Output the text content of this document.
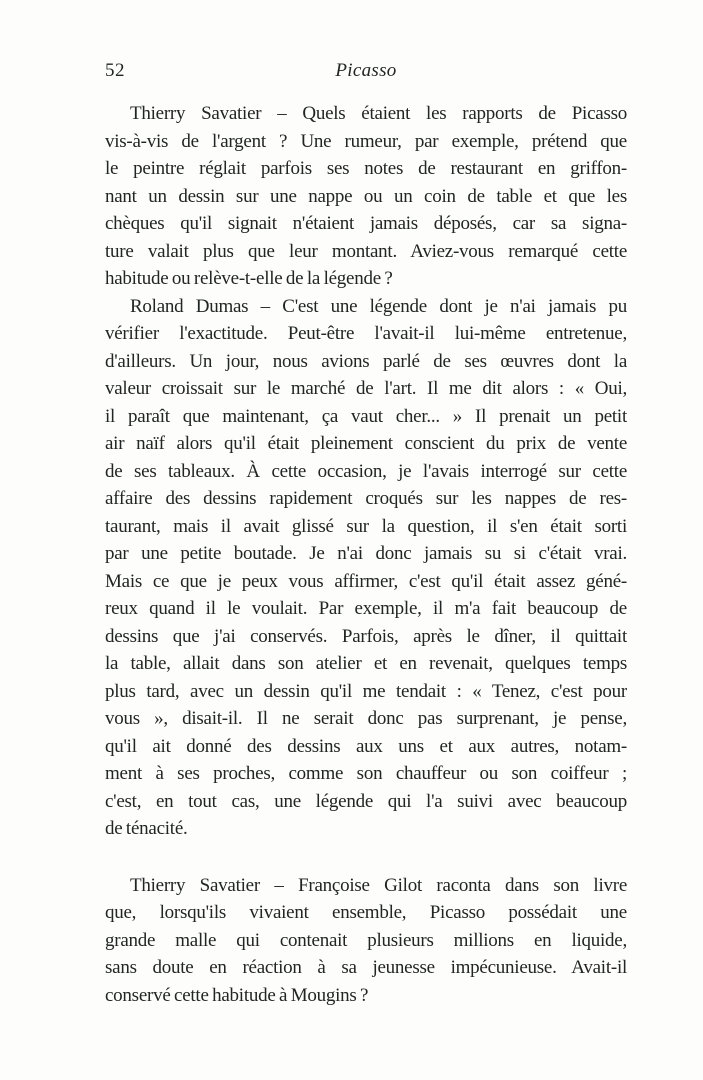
52	Picasso
Thierry Savatier – Quels étaient les rapports de Picasso
vis-à-vis de l'argent ? Une rumeur, par exemple, prétend que
le peintre réglait parfois ses notes de restaurant en griffon-
nant un dessin sur une nappe ou un coin de table et que les
chèques qu'il signait n'étaient jamais déposés, car sa signa-
ture valait plus que leur montant. Aviez-vous remarqué cette
habitude ou relève-t-elle de la légende ?
Roland Dumas – C'est une légende dont je n'ai jamais pu
vérifier l'exactitude. Peut-être l'avait-il lui-même entretenue,
d'ailleurs. Un jour, nous avions parlé de ses œuvres dont la
valeur croissait sur le marché de l'art. Il me dit alors : « Oui,
il paraît que maintenant, ça vaut cher... » Il prenait un petit
air naïf alors qu'il était pleinement conscient du prix de vente
de ses tableaux. À cette occasion, je l'avais interrogé sur cette
affaire des dessins rapidement croqués sur les nappes de res-
taurant, mais il avait glissé sur la question, il s'en était sorti
par une petite boutade. Je n'ai donc jamais su si c'était vrai.
Mais ce que je peux vous affirmer, c'est qu'il était assez géné-
reux quand il le voulait. Par exemple, il m'a fait beaucoup de
dessins que j'ai conservés. Parfois, après le dîner, il quittait
la table, allait dans son atelier et en revenait, quelques temps
plus tard, avec un dessin qu'il me tendait : « Tenez, c'est pour
vous », disait-il. Il ne serait donc pas surprenant, je pense,
qu'il ait donné des dessins aux uns et aux autres, notam-
ment à ses proches, comme son chauffeur ou son coiffeur ;
c'est, en tout cas, une légende qui l'a suivi avec beaucoup
de ténacité.
Thierry Savatier – Françoise Gilot raconta dans son livre
que, lorsqu'ils vivaient ensemble, Picasso possédait une
grande malle qui contenait plusieurs millions en liquide,
sans doute en réaction à sa jeunesse impécunieuse. Avait-il
conservé cette habitude à Mougins ?
